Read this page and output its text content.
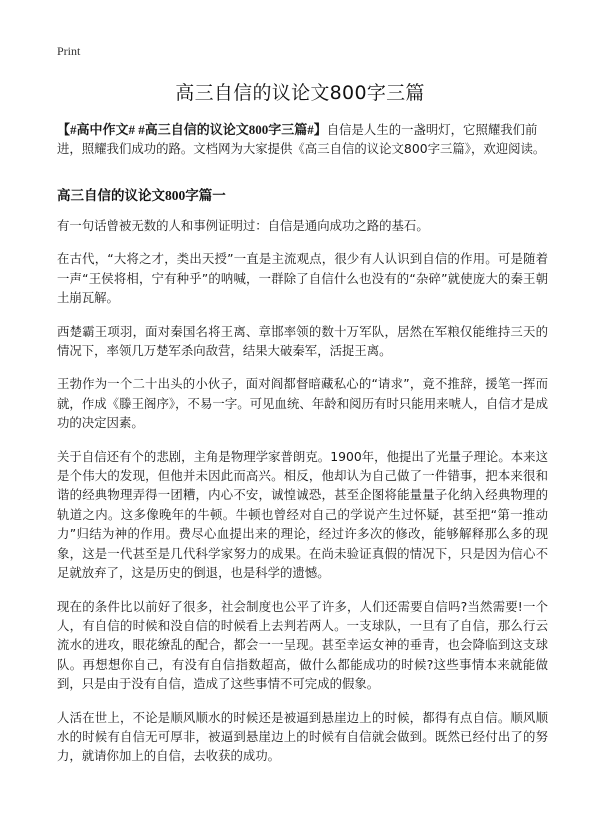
Print
高三自信的议论文800字三篇
【#高中作文# #高三自信的议论文800字三篇#】自信是人生的一盏明灯，它照耀我们前进，照耀我们成功的路。文档网为大家提供《高三自信的议论文800字三篇》，欢迎阅读。
高三自信的议论文800字篇一

有一句话曾被无数的人和事例证明过：自信是通向成功之路的基石。

在古代，“大将之才，类出天授”一直是主流观点，很少有人认识到自信的作用。可是随着一声“王侯将相，宁有种乎”的呐喊，一群除了自信什么也没有的“杂碎”就使庞大的秦王朝土崩瓦解。

西楚霸王项羽，面对秦国名将王离、章邯率领的数十万军队，居然在军粮仅能维持三天的情况下，率领几万楚军杀向敌营，结果大破秦军，活捉王离。

王勃作为一个二十出头的小伙子，面对阎都督暗藏私心的“请求”，竟不推辞，援笔一挥而就，作成《滕王阁序》，不易一字。可见血统、年龄和阅历有时只能用来唬人，自信才是成功的决定因素。

关于自信还有个的悲剧，主角是物理学家普朗克。1900年，他提出了光量子理论。本来这是个伟大的发现，但他并未因此而高兴。相反，他却认为自己做了一件错事，把本来很和谐的经典物理弄得一团糟，内心不安，诚惶诚恐，甚至企图将能量量子化纳入经典物理的轨道之内。这多像晚年的牛顿。牛顿也曾经对自己的学说产生过怀疑，甚至把“第一推动力”归结为神的作用。费尽心血提出来的理论，经过许多次的修改，能够解释那么多的现象，这是一代甚至是几代科学家努力的成果。在尚未验证真假的情况下，只是因为信心不足就放弃了，这是历史的倒退，也是科学的遗憾。

现在的条件比以前好了很多，社会制度也公平了许多，人们还需要自信吗?当然需要!一个人，有自信的时候和没自信的时候看上去判若两人。一支球队，一旦有了自信，那么行云流水的进攻，眼花缭乱的配合，都会一一呈现。甚至幸运女神的垂青，也会降临到这支球队。再想想你自己，有没有自信指数超高，做什么都能成功的时候?这些事情本来就能做到，只是由于没有自信，造成了这些事情不可完成的假象。

人活在世上，不论是顺风顺水的时候还是被逼到悬崖边上的时候，都得有点自信。顺风顺水的时候有自信无可厚非，被逼到悬崖边上的时候有自信就会做到。既然已经付出了的努力，就请你加上的自信，去收获的成功。
